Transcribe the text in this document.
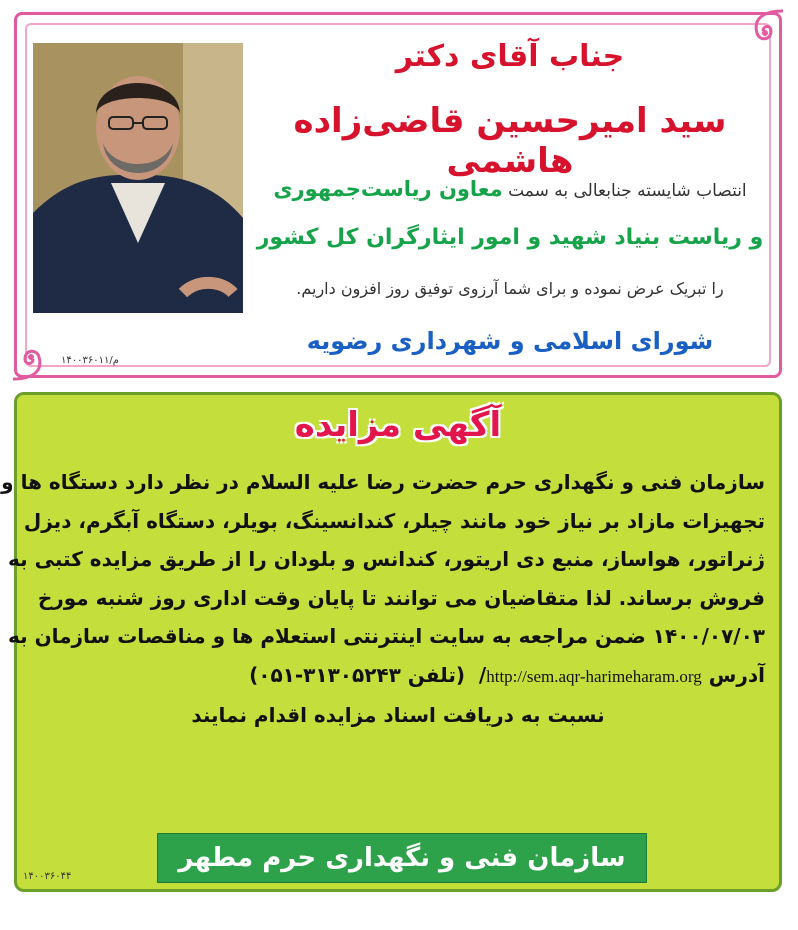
جناب آقای دکتر
سید امیرحسین قاضی‌زاده هاشمی
انتصاب شایسته جنابعالی به سمت معاون ریاست‌جمهوری
و ریاست بنیاد شهید و امور ایثارگران کل کشور
را تبریک عرض نموده و برای شما آرزوی توفیق روز افزون داریم.
شورای اسلامی و شهرداری رضویه
م/۱۴۰۰۳۶۰۱۱
آگهی مزایده
سازمان فنی و نگهداری حرم حضرت رضا علیه السلام در نظر دارد دستگاه ها و
تجهیزات مازاد بر نیاز خود مانند چیلر، کندانسینگ، بویلر، دستگاه آبگرم، دیزل
ژنراتور، هواساز، منبع دی اریتور، کندانس و بلودان را از طریق مزایده کتبی به
فروش برساند. لذا متقاضیان می توانند تا پایان وقت اداری روز شنبه مورخ
۱۴۰۰/۰۷/۰۳ ضمن مراجعه به سایت اینترنتی استعلام ها و مناقصات سازمان به
آدرس http://sem.aqr-harimeharam.org/  (تلفن ۳۱۳۰۵۲۴۳-۰۵۱)
نسبت به دریافت اسناد مزایده اقدام نمایند
سازمان فنی و نگهداری حرم مطهر رضوی
۱۴۰۰۳۶۰۴۴
